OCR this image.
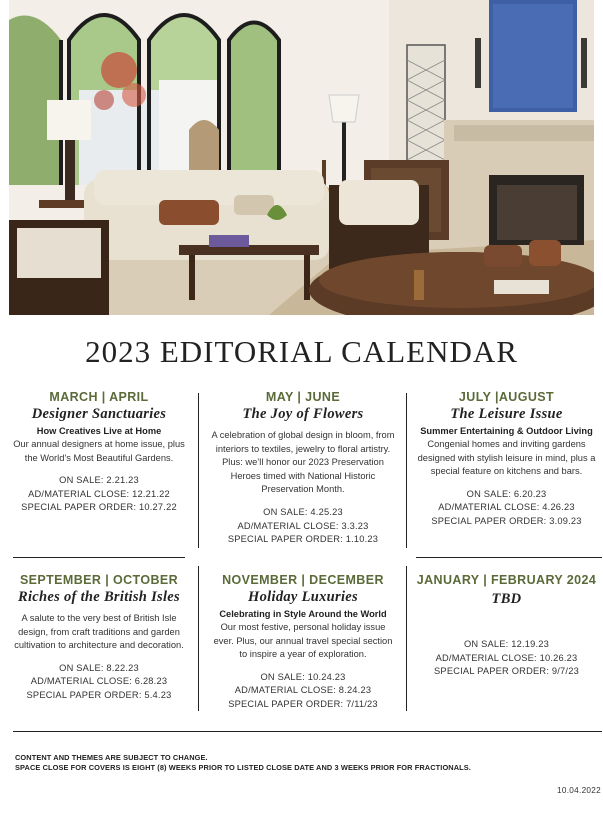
2023 EDITORIAL CALENDAR
MARCH | APRIL
Designer Sanctuaries
How Creatives Live at Home
Our annual designers at home issue, plus the World’s Most Beautiful Gardens.
ON SALE: 2.21.23
AD/MATERIAL CLOSE: 12.21.22
SPECIAL PAPER ORDER: 10.27.22
MAY | JUNE
The Joy of Flowers
A celebration of global design in bloom, from interiors to textiles, jewelry to floral artistry. Plus: we’ll honor our 2023 Preservation Heroes timed with National Historic Preservation Month.
ON SALE: 4.25.23
AD/MATERIAL CLOSE: 3.3.23
SPECIAL PAPER ORDER: 1.10.23
JULY |AUGUST
The Leisure Issue
Summer Entertaining & Outdoor Living
Congenial homes and inviting gardens designed with stylish leisure in mind, plus a special feature on kitchens and bars.
ON SALE: 6.20.23
AD/MATERIAL CLOSE: 4.26.23
SPECIAL PAPER ORDER: 3.09.23
SEPTEMBER | OCTOBER
Riches of the British Isles
A salute to the very best of British Isle design, from craft traditions and garden cultivation to architecture and decoration.
ON SALE: 8.22.23
AD/MATERIAL CLOSE: 6.28.23
SPECIAL PAPER ORDER: 5.4.23
NOVEMBER | DECEMBER
Holiday Luxuries
Celebrating in Style Around the World
Our most festive, personal holiday issue ever. Plus, our annual travel special section to inspire a year of exploration.
ON SALE: 10.24.23
AD/MATERIAL CLOSE: 8.24.23
SPECIAL PAPER ORDER: 7/11/23
JANUARY | FEBRUARY 2024
TBD
ON SALE: 12.19.23
AD/MATERIAL CLOSE: 10.26.23
SPECIAL PAPER ORDER: 9/7/23
CONTENT AND THEMES ARE SUBJECT TO CHANGE.
SPACE CLOSE FOR COVERS IS EIGHT (8) WEEKS PRIOR TO LISTED CLOSE DATE AND 3 WEEKS PRIOR FOR FRACTIONALS.
10.04.2022
